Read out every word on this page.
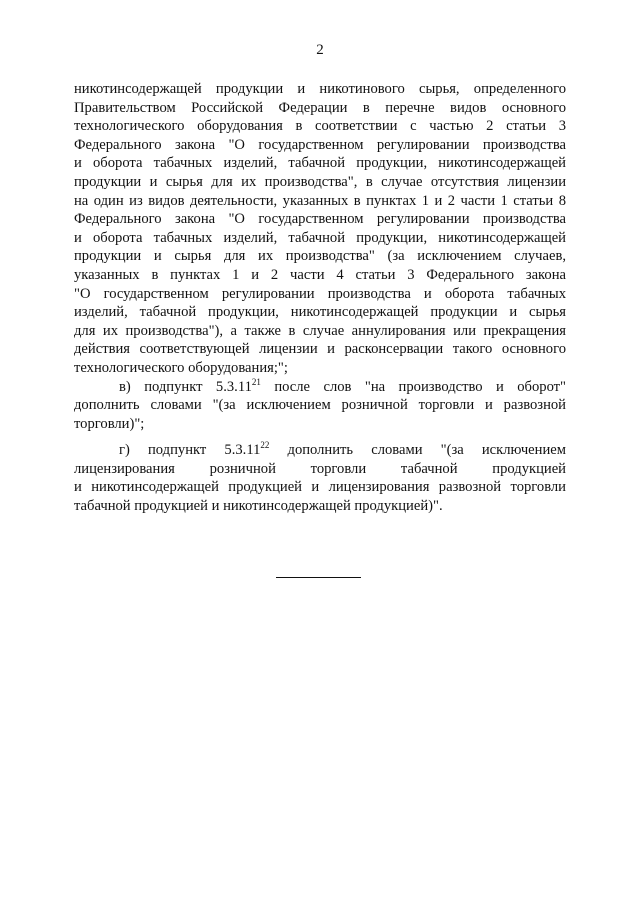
2
никотинсодержащей продукции и никотинового сырья, определенного
Правительством Российской Федерации в перечне видов основного
технологического оборудования в соответствии с частью 2 статьи 3
Федерального закона "О государственном регулировании производства
и оборота табачных изделий, табачной продукции, никотинсодержащей
продукции и сырья для их производства", в случае отсутствия лицензии
на один из видов деятельности, указанных в пунктах 1 и 2 части 1 статьи 8
Федерального закона "О государственном регулировании производства
и оборота табачных изделий, табачной продукции, никотинсодержащей
продукции и сырья для их производства" (за исключением случаев,
указанных в пунктах 1 и 2 части 4 статьи 3 Федерального закона
"О государственном регулировании производства и оборота табачных
изделий, табачной продукции, никотинсодержащей продукции и сырья
для их производства"), а также в случае аннулирования или прекращения
действия соответствующей лицензии и расконсервации такого основного
технологического оборудования;";
в) подпункт 5.3.11$^{21}$ после слов "на производство и оборот"
дополнить словами "(за исключением розничной торговли и развозной
торговли)";
г) подпункт 5.3.11$^{22}$ дополнить словами "(за исключением
лицензирования розничной торговли табачной продукцией
и никотинсодержащей продукцией и лицензирования развозной торговли
табачной продукцией и никотинсодержащей продукцией)".
